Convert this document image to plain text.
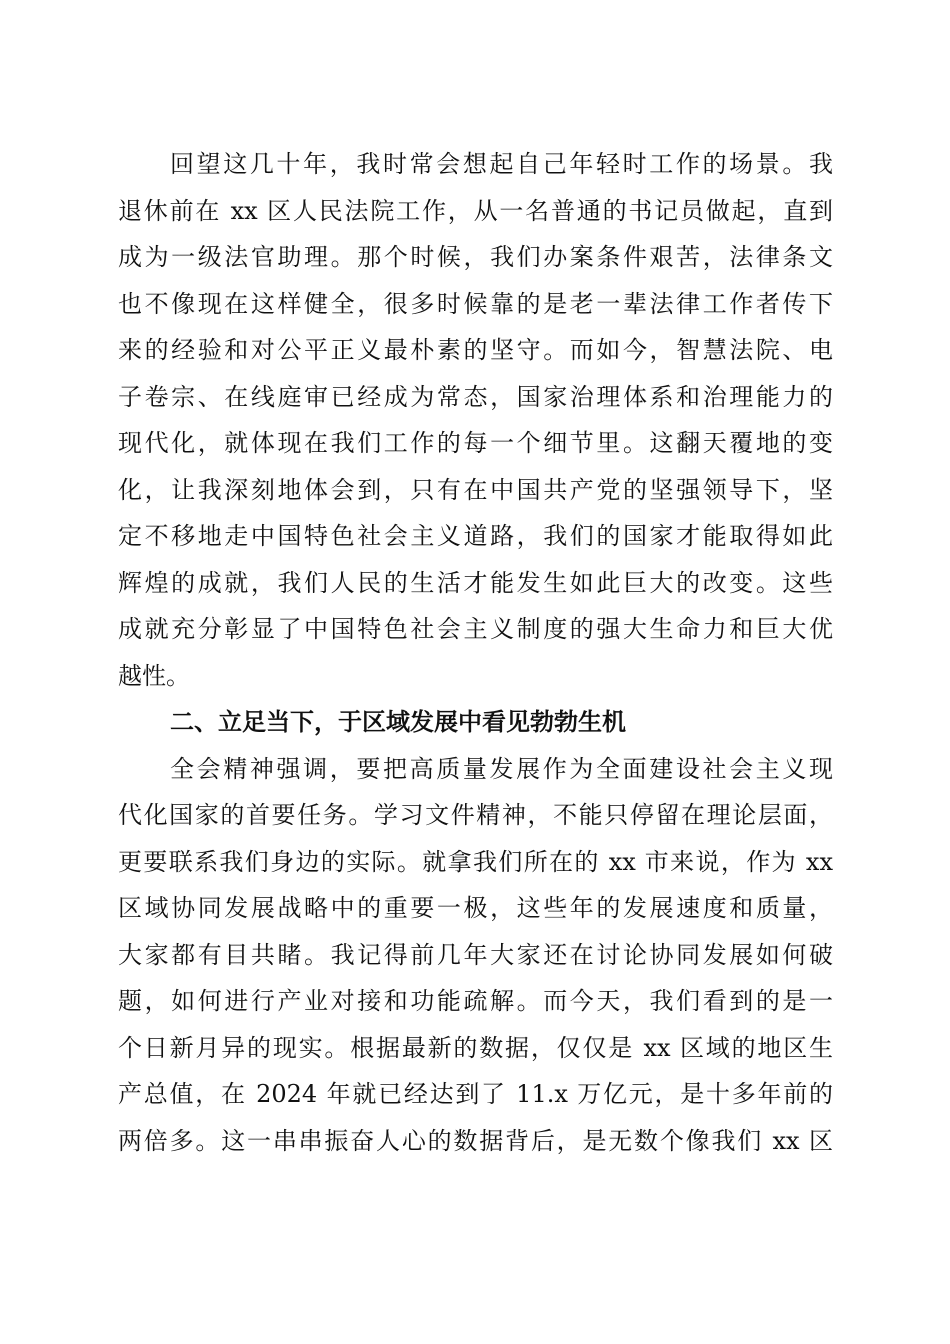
回望这几十年，我时常会想起自己年轻时工作的场景。我
退休前在 xx 区人民法院工作，从一名普通的书记员做起，直到
成为一级法官助理。那个时候，我们办案条件艰苦，法律条文
也不像现在这样健全，很多时候靠的是老一辈法律工作者传下
来的经验和对公平正义最朴素的坚守。而如今，智慧法院、电
子卷宗、在线庭审已经成为常态，国家治理体系和治理能力的
现代化，就体现在我们工作的每一个细节里。这翻天覆地的变
化，让我深刻地体会到，只有在中国共产党的坚强领导下，坚
定不移地走中国特色社会主义道路，我们的国家才能取得如此
辉煌的成就，我们人民的生活才能发生如此巨大的改变。这些
成就充分彰显了中国特色社会主义制度的强大生命力和巨大优
越性。
二、立足当下，于区域发展中看见勃勃生机
全会精神强调，要把高质量发展作为全面建设社会主义现
代化国家的首要任务。学习文件精神，不能只停留在理论层面，
更要联系我们身边的实际。就拿我们所在的 xx 市来说，作为 xx
区域协同发展战略中的重要一极，这些年的发展速度和质量，
大家都有目共睹。我记得前几年大家还在讨论协同发展如何破
题，如何进行产业对接和功能疏解。而今天，我们看到的是一
个日新月异的现实。根据最新的数据，仅仅是 xx 区域的地区生
产总值，在 2024 年就已经达到了 11.x 万亿元，是十多年前的
两倍多。这一串串振奋人心的数据背后，是无数个像我们 xx 区
